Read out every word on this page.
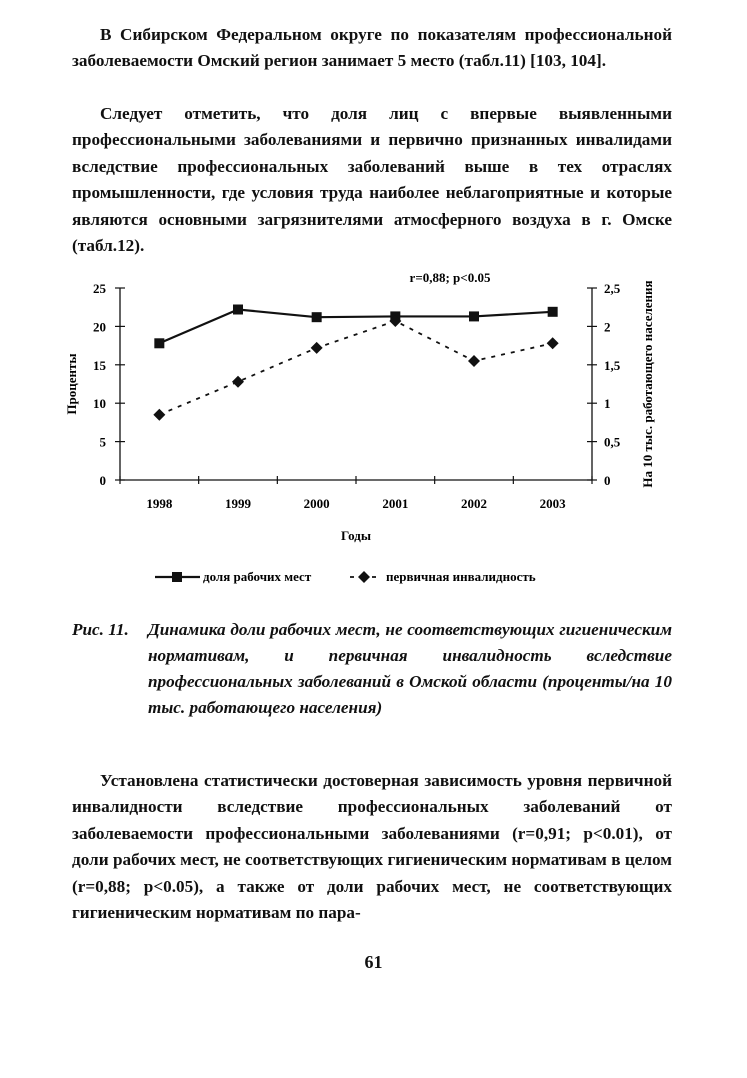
В Сибирском Федеральном округе по показателям профессиональной заболеваемости Омский регион занимает 5 место (табл.11) [103, 104].

Следует отметить, что доля лиц с впервые выявленными профессиональными заболеваниями и первично признанных инвалидами вследствие профессиональных заболеваний выше в тех отраслях промышленности, где условия труда наиболее неблагоприятные и которые являются основными загрязнителями атмосферного воздуха в г. Омске (табл.12).

r=0,88; p<0.05
0
5
10
15
20
25
0
0,5
1
1,5
2
2,5
1998	1999	2000	2001	2002	2003
Годы
Проценты	На 10 тыс. работающего населения
доля рабочих мест	первичная инвалидность
Рис. 11.	Динамика доли рабочих мест, не соответствующих гигиеническим нормативам, и первичная инвалидность вследствие профессиональных заболеваний в Омской области (проценты/на 10 тыс. работающего населения)

Установлена статистически достоверная зависимость уровня первичной инвалидности вследствие профессиональных заболеваний от заболеваемости профессиональными заболеваниями (r=0,91; p<0.01), от доли рабочих мест, не соответствующих гигиеническим нормативам в целом (r=0,88; p<0.05), а также от доли рабочих мест, не соответствующих гигиеническим нормативам по пара-

61
